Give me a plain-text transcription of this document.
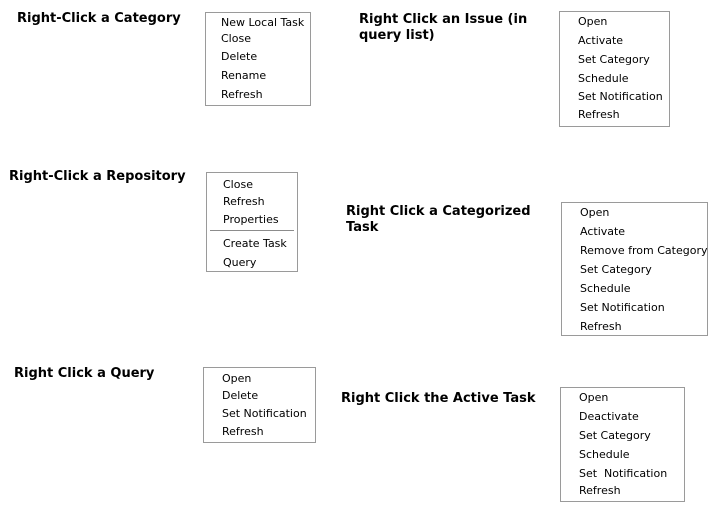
Right-Click a Category
Right-Click a Repository
Right Click a Query
Right Click an Issue (in
query list)
Right Click a Categorized
Task
Right Click the Active Task
New Local Task
Close
Delete
Rename
Refresh
Close
Refresh
Properties
Create Task
Query
Open
Delete
Set Notification
Refresh
Open
Activate
Set Category
Schedule
Set Notification
Refresh
Open
Activate
Remove from Category
Set Category
Schedule
Set Notification
Refresh
Open
Deactivate
Set Category
Schedule
Set  Notification
Refresh
